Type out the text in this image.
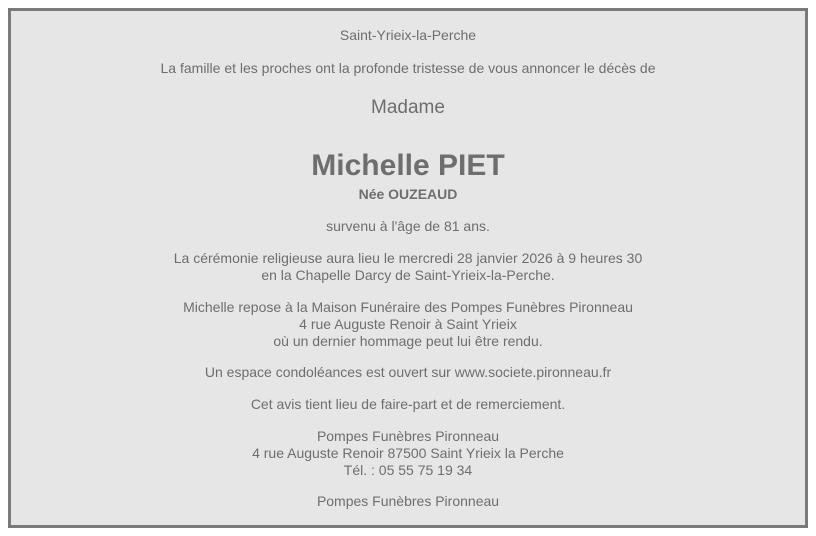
Saint-Yrieix-la-Perche
La famille et les proches ont la profonde tristesse de vous annoncer le décès de
Madame
Michelle PIET
Née OUZEAUD
survenu à l'âge de 81 ans.
La cérémonie religieuse aura lieu le mercredi 28 janvier 2026 à 9 heures 30
en la Chapelle Darcy de Saint-Yrieix-la-Perche.
Michelle repose à la Maison Funéraire des Pompes Funèbres Pironneau
4 rue Auguste Renoir à Saint Yrieix
où un dernier hommage peut lui être rendu.
Un espace condoléances est ouvert sur www.societe.pironneau.fr
Cet avis tient lieu de faire-part et de remerciement.
Pompes Funèbres Pironneau
4 rue Auguste Renoir 87500 Saint Yrieix la Perche
Tél. : 05 55 75 19 34
Pompes Funèbres Pironneau
